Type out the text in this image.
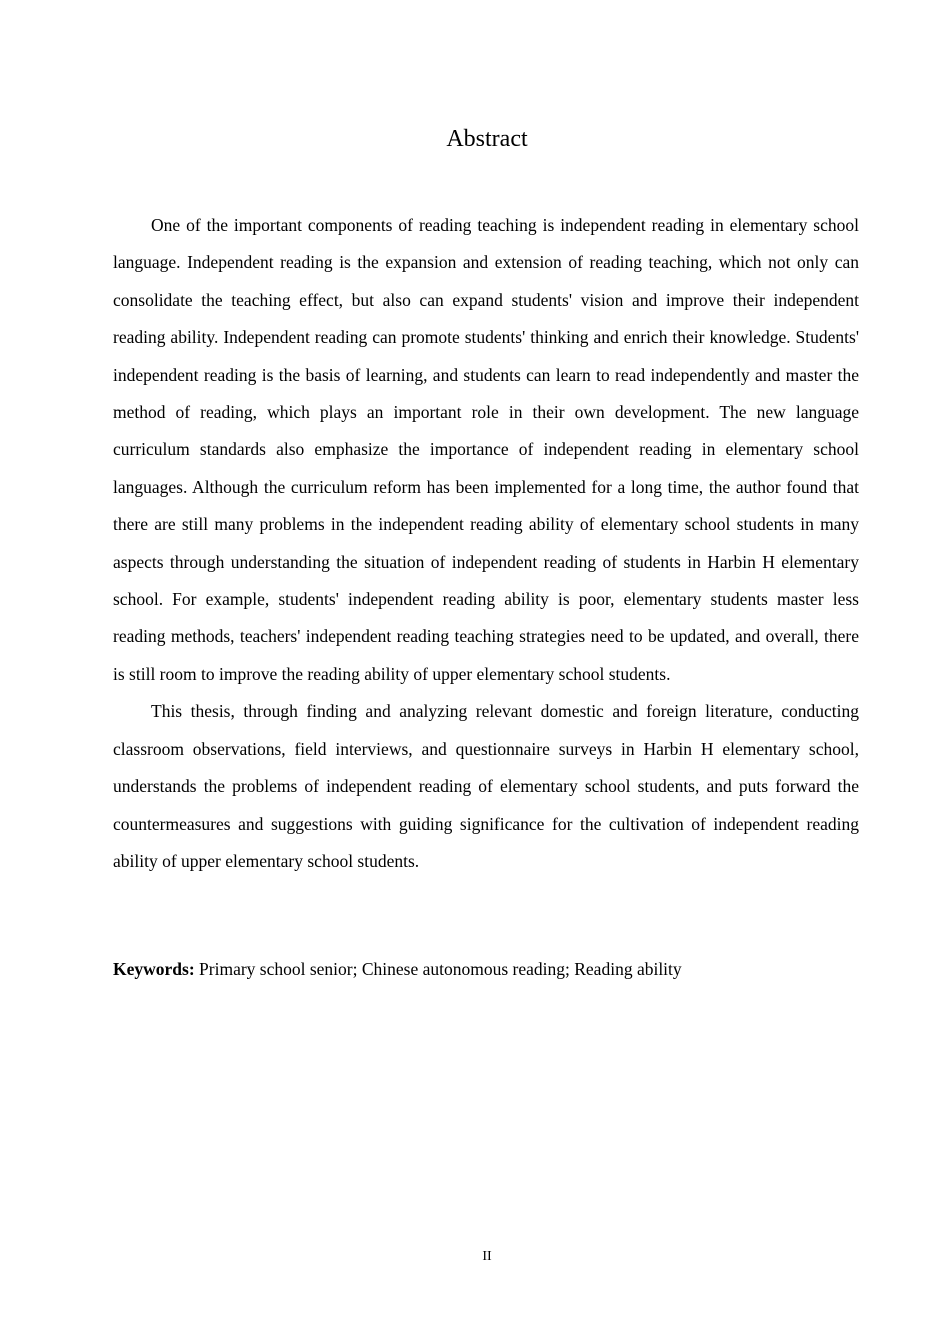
Abstract

One of the important components of reading teaching is independent reading in elementary school language. Independent reading is the expansion and extension of reading teaching, which not only can consolidate the teaching effect, but also can expand students' vision and improve their independent reading ability. Independent reading can promote students' thinking and enrich their knowledge. Students' independent reading is the basis of learning, and students can learn to read independently and master the method of reading, which plays an important role in their own development. The new language curriculum standards also emphasize the importance of independent reading in elementary school languages. Although the curriculum reform has been implemented for a long time, the author found that there are still many problems in the independent reading ability of elementary school students in many aspects through understanding the situation of independent reading of students in Harbin H elementary school. For example, students' independent reading ability is poor, elementary students master less reading methods, teachers' independent reading teaching strategies need to be updated, and overall, there is still room to improve the reading ability of upper elementary school students.

This thesis, through finding and analyzing relevant domestic and foreign literature, conducting classroom observations, field interviews, and questionnaire surveys in Harbin H elementary school, understands the problems of independent reading of elementary school students, and puts forward the countermeasures and suggestions with guiding significance for the cultivation of independent reading ability of upper elementary school students.

Keywords: Primary school senior; Chinese autonomous reading; Reading ability

II
